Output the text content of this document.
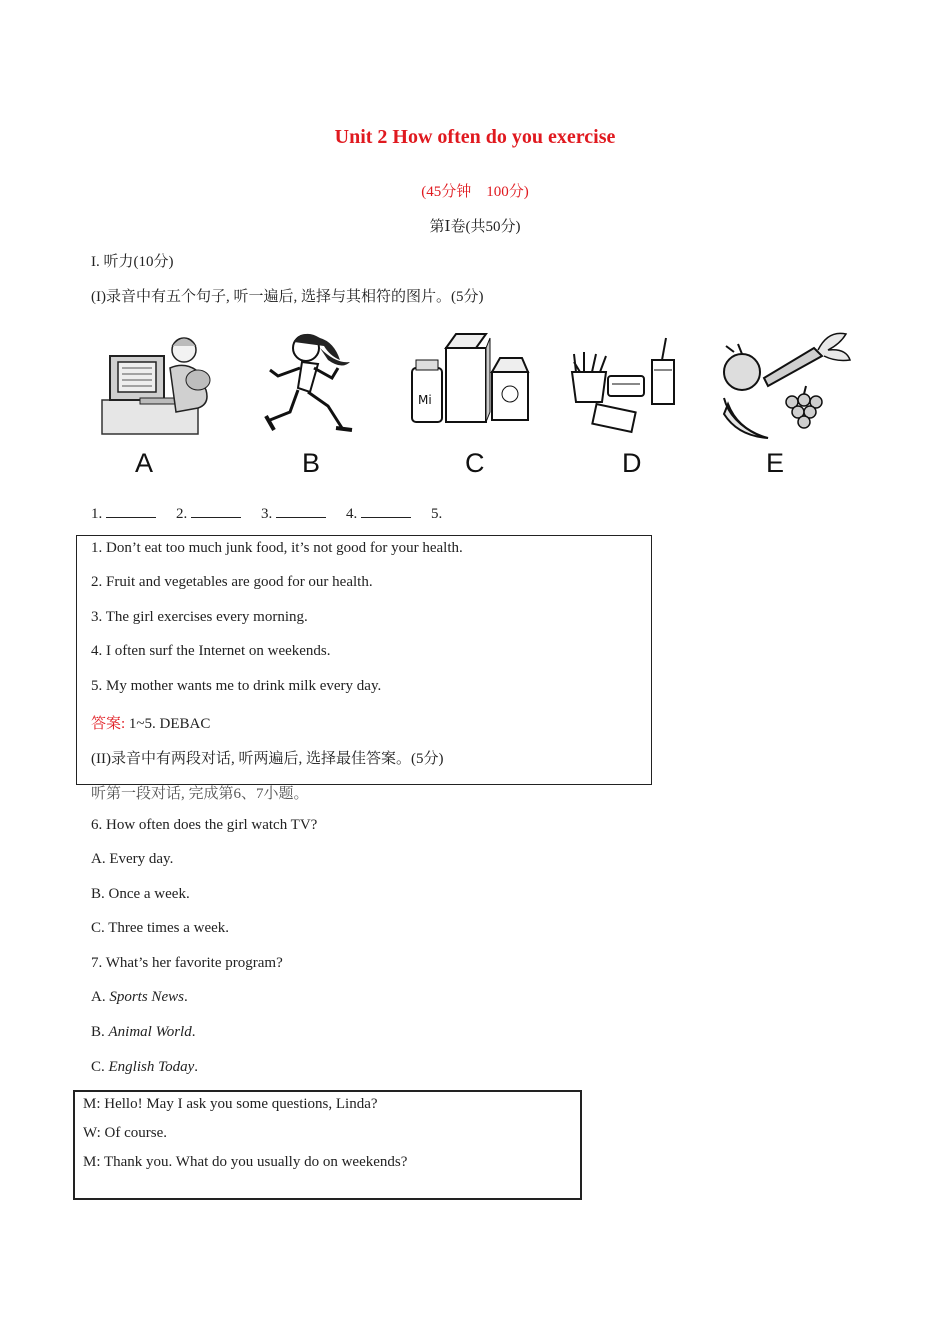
Unit 2 How often do you exercise
(45分钟　100分)
第Ⅰ卷(共50分)
I. 听力(10分)
(I)录音中有五个句子, 听一遍后, 选择与其相符的图片。(5分)
A	B
Mi
C	D	E
1.	2.	3.	4.	5.
1. Don’t eat too much junk food, it’s not good for your health.
2. Fruit and vegetables are good for our health.
3. The girl exercises every morning.
4. I often surf the Internet on weekends.
5. My mother wants me to drink milk every day.
答案: 1~5. DEBAC
(II)录音中有两段对话, 听两遍后, 选择最佳答案。(5分)
听第一段对话, 完成第6、7小题。
6. How often does the girl watch TV?
A. Every day.
B. Once a week.
C. Three times a week.
7. What’s her favorite program?
A. Sports News.
B. Animal World.
C. English Today.
M: Hello! May I ask you some questions, Linda?
W: Of course.
M: Thank you. What do you usually do on weekends?
